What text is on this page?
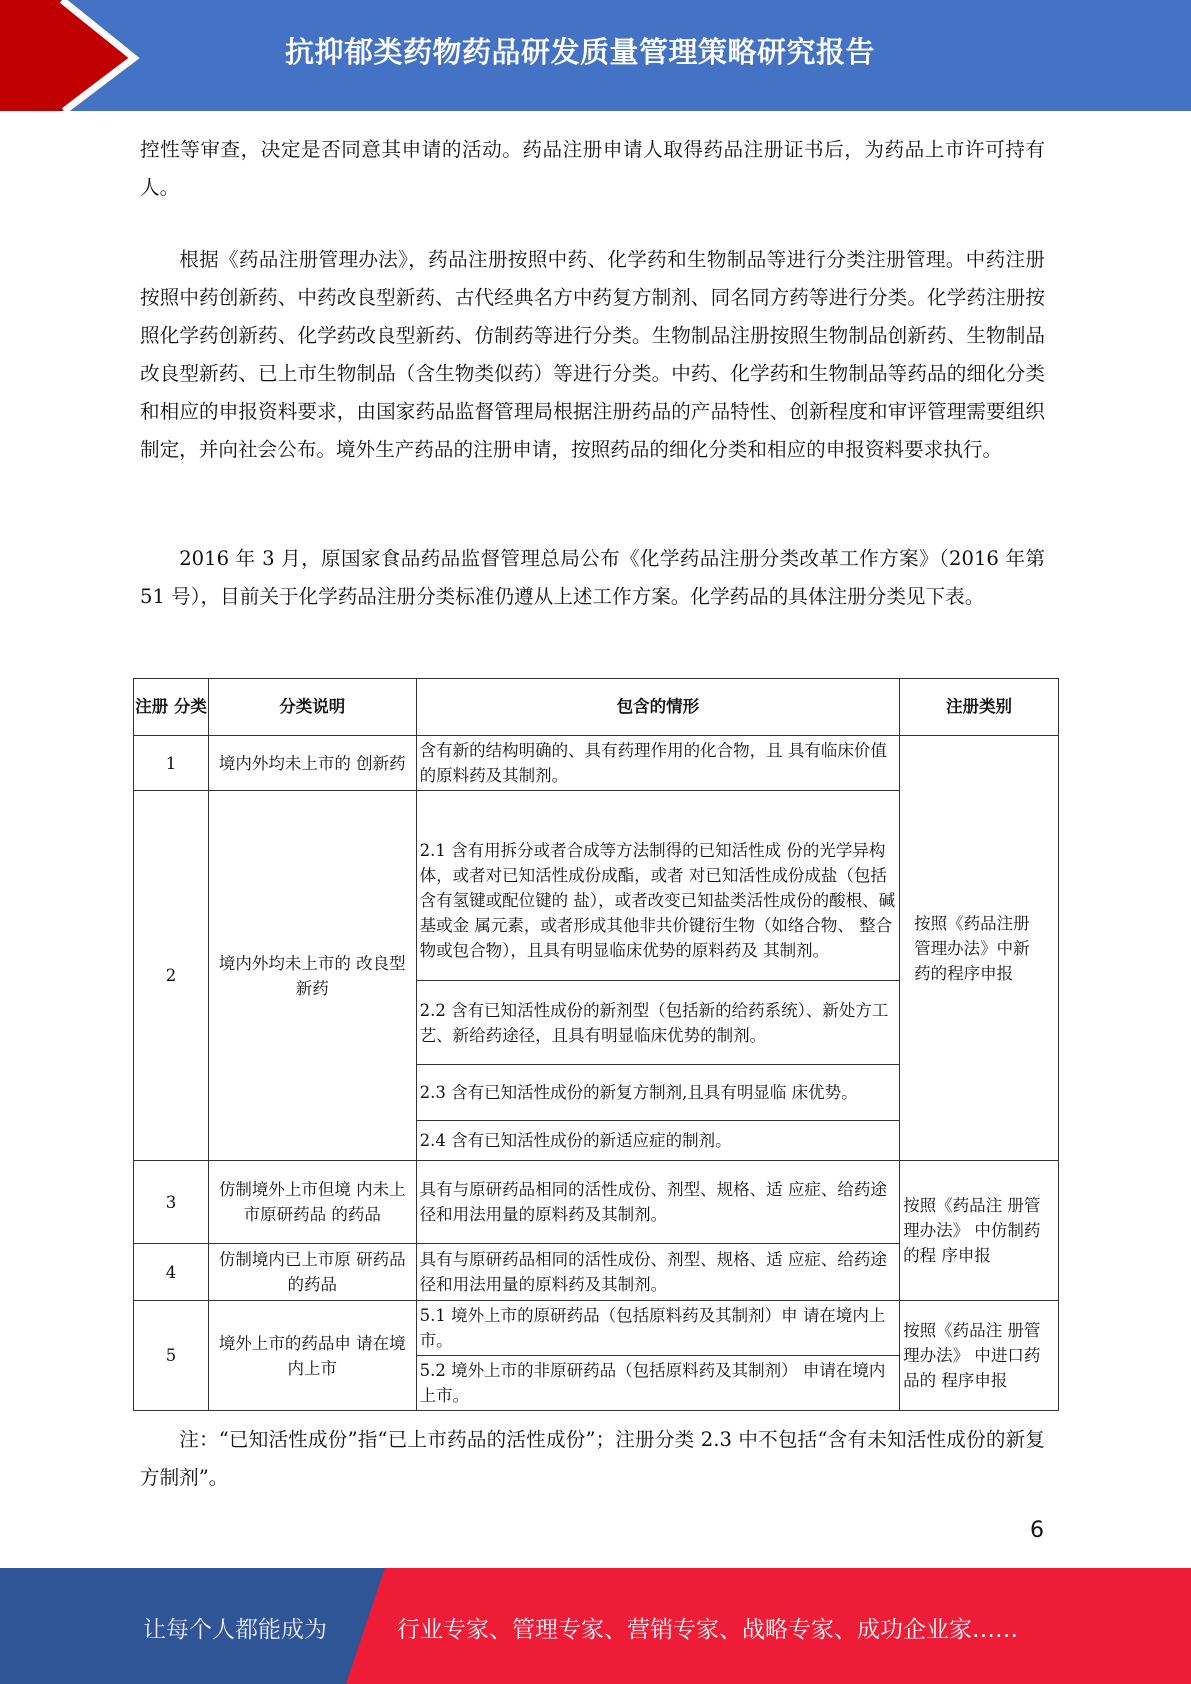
抗抑郁类药物药品研发质量管理策略研究报告
控性等审查，决定是否同意其申请的活动。药品注册申请人取得药品注册证书后，为药品上市许可持有人。
根据《药品注册管理办法》，药品注册按照中药、化学药和生物制品等进行分类注册管理。中药注册按照中药创新药、中药改良型新药、古代经典名方中药复方制剂、同名同方药等进行分类。化学药注册按照化学药创新药、化学药改良型新药、仿制药等进行分类。生物制品注册按照生物制品创新药、生物制品改良型新药、已上市生物制品（含生物类似药）等进行分类。中药、化学药和生物制品等药品的细化分类和相应的申报资料要求，由国家药品监督管理局根据注册药品的产品特性、创新程度和审评管理需要组织制定，并向社会公布。境外生产药品的注册申请，按照药品的细化分类和相应的申报资料要求执行。
2016 年 3 月，原国家食品药品监督管理总局公布《化学药品注册分类改革工作方案》（2016 年第 51 号），目前关于化学药品注册分类标准仍遵从上述工作方案。化学药品的具体注册分类见下表。
注册 分类	分类说明	包含的情形	注册类别
1	境内外均未上市的 创新药	含有新的结构明确的、具有药理作用的化合物，且 具有临床价值的原料药及其制剂。	按照《药品注册管理办法》中新药的程序申报
2	境内外均未上市的 改良型新药	2.1 含有用拆分或者合成等方法制得的已知活性成 份的光学异构体，或者对已知活性成份成酯，或者 对已知活性成份成盐（包括含有氢键或配位键的 盐），或者改变已知盐类活性成份的酸根、碱基或金 属元素，或者形成其他非共价键衍生物（如络合物、 整合物或包合物），且具有明显临床优势的原料药及 其制剂。	
		2.2 含有已知活性成份的新剂型（包括新的给药系统）、新处方工艺、新给药途径，且具有明显临床优势的制剂。	
		2.3 含有已知活性成份的新复方制剂,且具有明显临 床优势。	
		2.4 含有已知活性成份的新适应症的制剂。	
3	仿制境外上市但境 内未上市原研药品 的药品	具有与原研药品相同的活性成份、剂型、规格、适 应症、给药途径和用法用量的原料药及其制剂。	按照《药品注 册管理办法》 中仿制药的程 序申报
4	仿制境内已上市原 研药品的药品	具有与原研药品相同的活性成份、剂型、规格、适 应症、给药途径和用法用量的原料药及其制剂。	
5	境外上市的药品申 请在境内上市	5.1 境外上市的原研药品（包括原料药及其制剂）申 请在境内上市。	按照《药品注 册管理办法》 中进口药品的 程序申报
		5.2 境外上市的非原研药品（包括原料药及其制剂） 申请在境内上市。	
注：“已知活性成份”指“已上市药品的活性成份”；注册分类 2.3 中不包括“含有未知活性成份的新复方制剂”。
6
让每个人都能成为	行业专家、管理专家、营销专家、战略专家、成功企业家……
